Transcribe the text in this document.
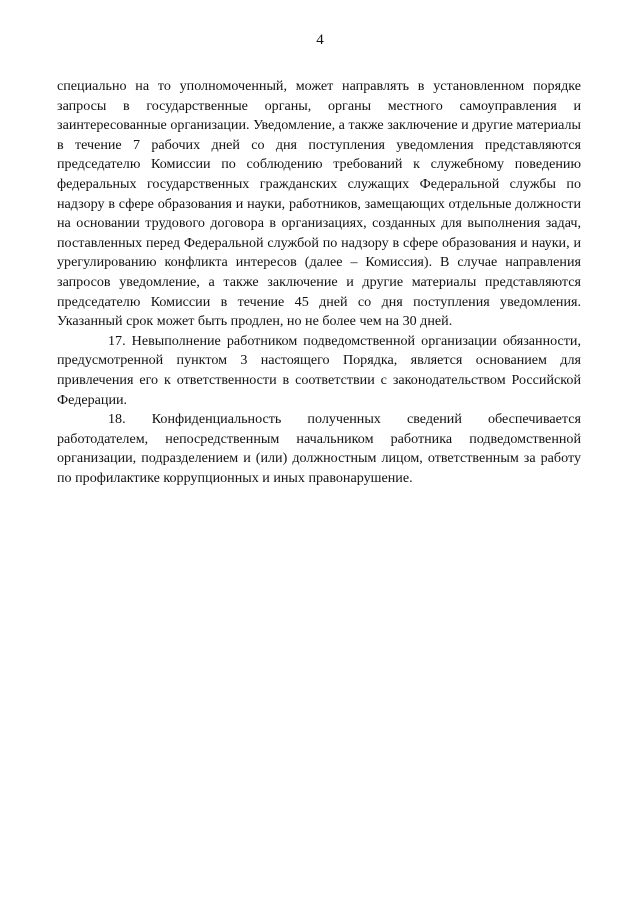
4

специально на то уполномоченный, может направлять в установленном порядке запросы в государственные органы, органы местного самоуправления и заинтересованные организации. Уведомление, а также заключение и другие материалы в течение 7 рабочих дней со дня поступления уведомления представляются председателю Комиссии по соблюдению требований к служебному поведению федеральных государственных гражданских служащих Федеральной службы по надзору в сфере образования и науки, работников, замещающих отдельные должности на основании трудового договора в организациях, созданных для выполнения задач, поставленных перед Федеральной службой по надзору в сфере образования и науки, и урегулированию конфликта интересов (далее – Комиссия). В случае направления запросов уведомление, а также заключение и другие материалы представляются председателю Комиссии в течение 45 дней со дня поступления уведомления. Указанный срок может быть продлен, но не более чем на 30 дней.

17. Невыполнение работником подведомственной организации обязанности, предусмотренной пунктом 3 настоящего Порядка, является основанием для привлечения его к ответственности в соответствии с законодательством Российской Федерации.

18. Конфиденциальность полученных сведений обеспечивается работодателем, непосредственным начальником работника подведомственной организации, подразделением и (или) должностным лицом, ответственным за работу по профилактике коррупционных и иных правонарушение.
